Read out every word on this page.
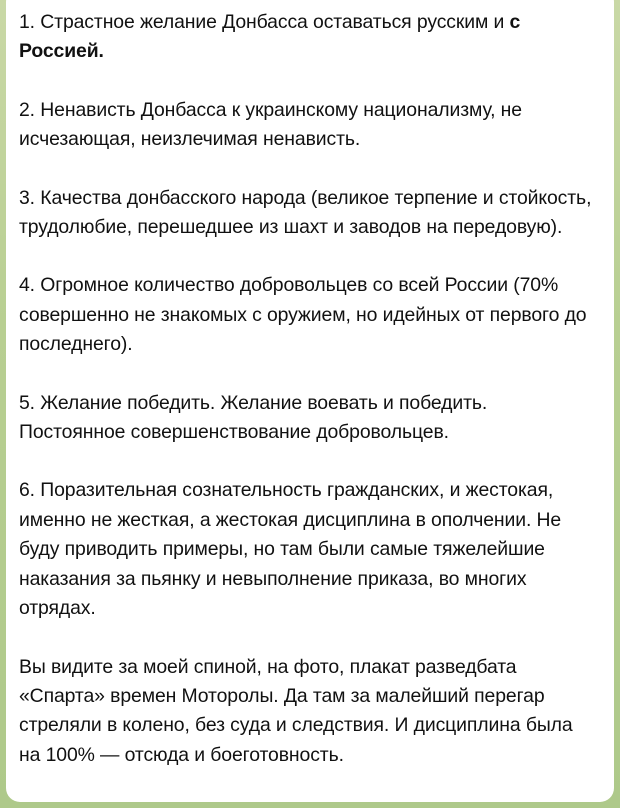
1. Страстное желание Донбасса оставаться русским и с Россией.

2. Ненависть Донбасса к украинскому национализму, не исчезающая, неизлечимая ненависть.

3. Качества донбасского народа (великое терпение и стойкость, трудолюбие, перешедшее из шахт и заводов на передовую).

4. Огромное количество добровольцев со всей России (70% совершенно не знакомых с оружием, но идейных от первого до последнего).

5. Желание победить. Желание воевать и победить. Постоянное совершенствование добровольцев.

6. Поразительная сознательность гражданских, и жестокая, именно не жесткая, а жестокая дисциплина в ополчении. Не буду приводить примеры, но там были самые тяжелейшие наказания за пьянку и невыполнение приказа, во многих отрядах.

Вы видите за моей спиной, на фото, плакат разведбата «Спарта» времен Моторолы. Да там за малейший перегар стреляли в колено, без суда и следствия. И дисциплина была на 100% — отсюда и боеготовность.
